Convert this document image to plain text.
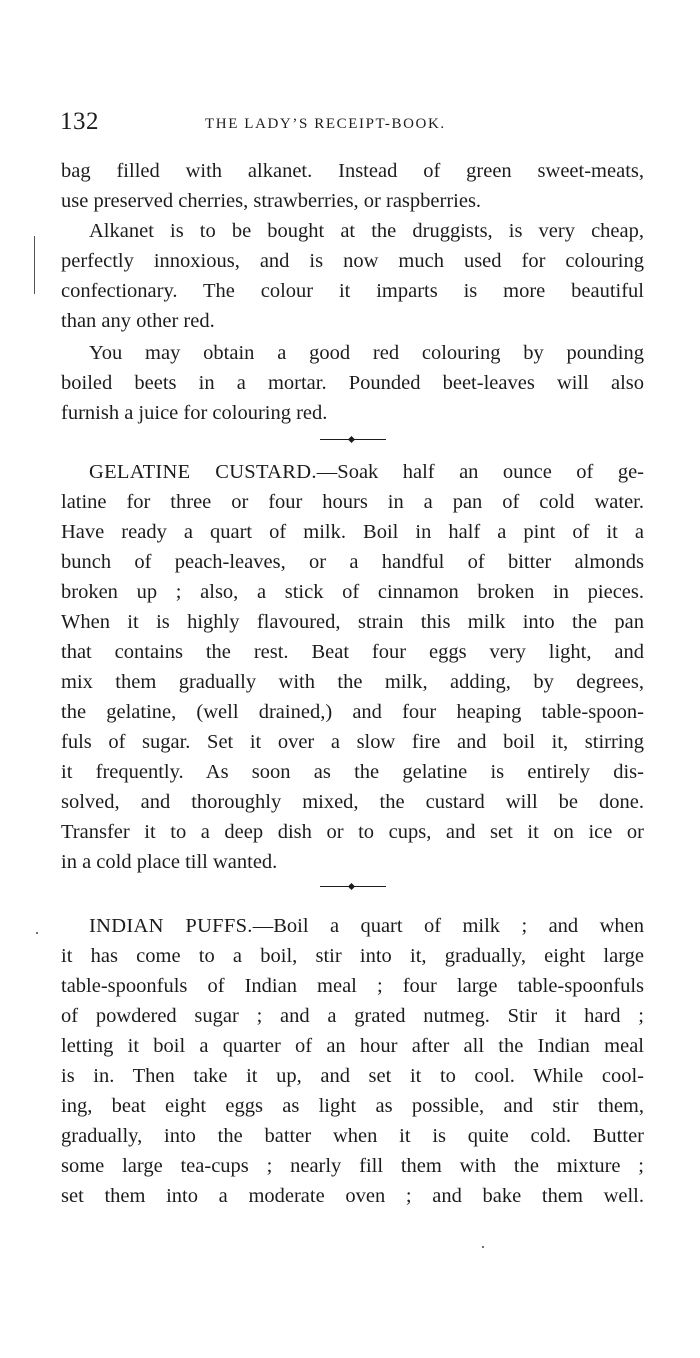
132	THE LADY’S RECEIPT-BOOK.
bag filled with alkanet. Instead of green sweet-meats,
use preserved cherries, strawberries, or raspberries.
Alkanet is to be bought at the druggists, is very cheap,
perfectly innoxious, and is now much used for colouring
confectionary. The colour it imparts is more beautiful
than any other red.
You may obtain a good red colouring by pounding
boiled beets in a mortar. Pounded beet-leaves will also
furnish a juice for colouring red.
GELATINE CUSTARD.—Soak half an ounce of ge-
latine for three or four hours in a pan of cold water.
Have ready a quart of milk. Boil in half a pint of it a
bunch of peach-leaves, or a handful of bitter almonds
broken up ; also, a stick of cinnamon broken in pieces.
When it is highly flavoured, strain this milk into the pan
that contains the rest. Beat four eggs very light, and
mix them gradually with the milk, adding, by degrees,
the gelatine, (well drained,) and four heaping table-spoon-
fuls of sugar. Set it over a slow fire and boil it, stirring
it frequently. As soon as the gelatine is entirely dis-
solved, and thoroughly mixed, the custard will be done.
Transfer it to a deep dish or to cups, and set it on ice or
in a cold place till wanted.
INDIAN PUFFS.—Boil a quart of milk ; and when
it has come to a boil, stir into it, gradually, eight large
table-spoonfuls of Indian meal ; four large table-spoonfuls
of powdered sugar ; and a grated nutmeg. Stir it hard ;
letting it boil a quarter of an hour after all the Indian meal
is in. Then take it up, and set it to cool. While cool-
ing, beat eight eggs as light as possible, and stir them,
gradually, into the batter when it is quite cold. Butter
some large tea-cups ; nearly fill them with the mixture ;
set them into a moderate oven ; and bake them well.
